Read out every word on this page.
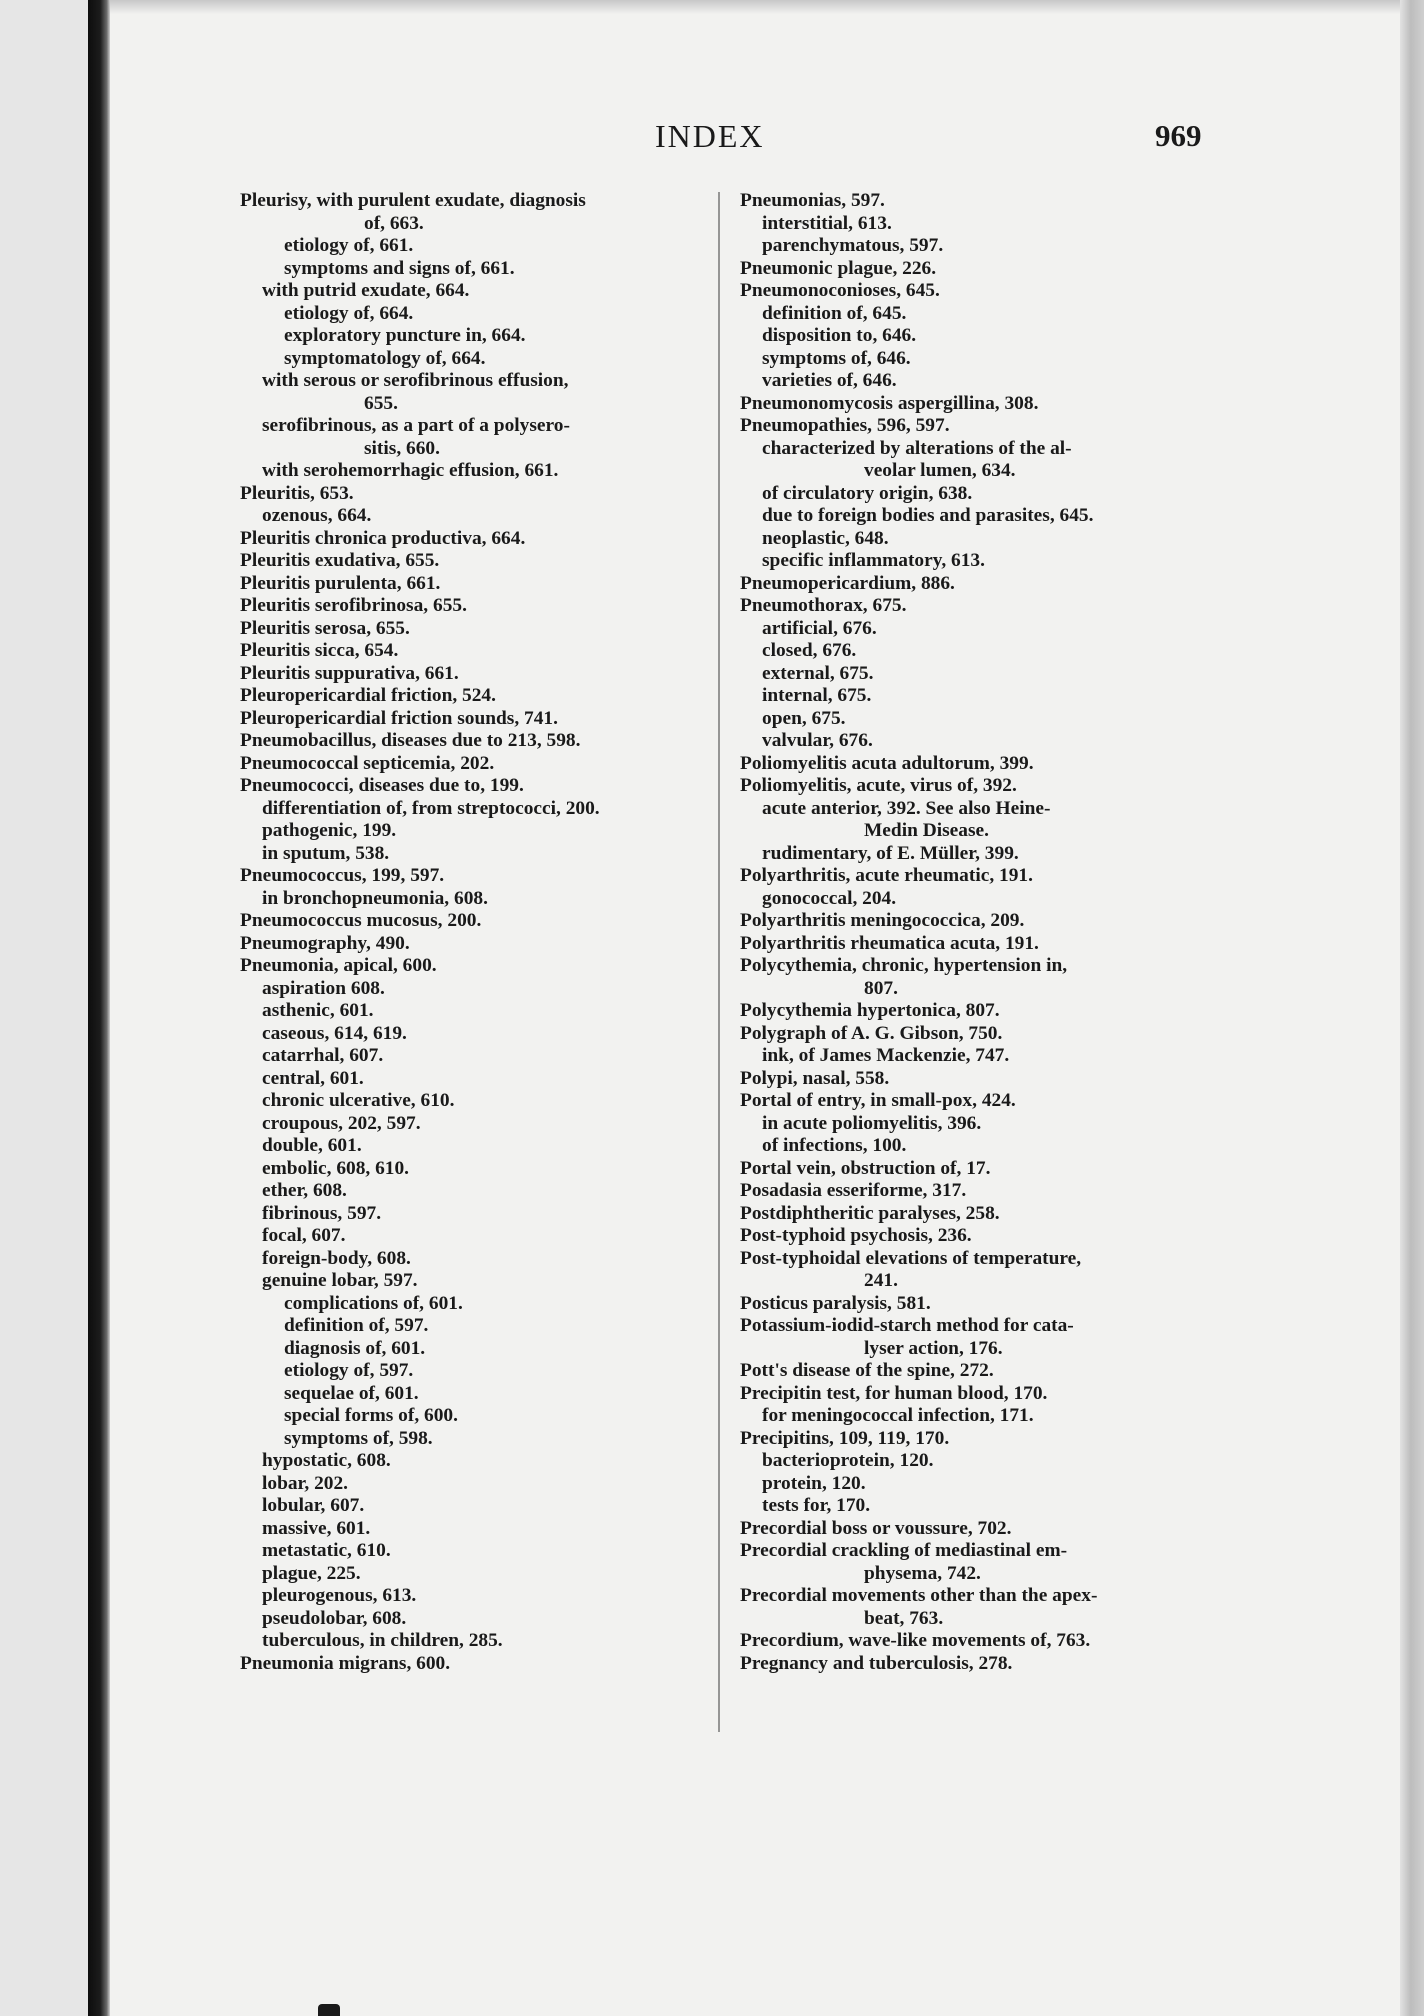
INDEX	969
Pleurisy, with purulent exudate, diagnosis
of, 663.
etiology of, 661.
symptoms and signs of, 661.
with putrid exudate, 664.
etiology of, 664.
exploratory puncture in, 664.
symptomatology of, 664.
with serous or serofibrinous effusion,
655.
serofibrinous, as a part of a polysero-
sitis, 660.
with serohemorrhagic effusion, 661.
Pleuritis, 653.
ozenous, 664.
Pleuritis chronica productiva, 664.
Pleuritis exudativa, 655.
Pleuritis purulenta, 661.
Pleuritis serofibrinosa, 655.
Pleuritis serosa, 655.
Pleuritis sicca, 654.
Pleuritis suppurativa, 661.
Pleuropericardial friction, 524.
Pleuropericardial friction sounds, 741.
Pneumobacillus, diseases due to 213, 598.
Pneumococcal septicemia, 202.
Pneumococci, diseases due to, 199.
differentiation of, from streptococci, 200.
pathogenic, 199.
in sputum, 538.
Pneumococcus, 199, 597.
in bronchopneumonia, 608.
Pneumococcus mucosus, 200.
Pneumography, 490.
Pneumonia, apical, 600.
aspiration 608.
asthenic, 601.
caseous, 614, 619.
catarrhal, 607.
central, 601.
chronic ulcerative, 610.
croupous, 202, 597.
double, 601.
embolic, 608, 610.
ether, 608.
fibrinous, 597.
focal, 607.
foreign-body, 608.
genuine lobar, 597.
complications of, 601.
definition of, 597.
diagnosis of, 601.
etiology of, 597.
sequelae of, 601.
special forms of, 600.
symptoms of, 598.
hypostatic, 608.
lobar, 202.
lobular, 607.
massive, 601.
metastatic, 610.
plague, 225.
pleurogenous, 613.
pseudolobar, 608.
tuberculous, in children, 285.
Pneumonia migrans, 600.
Pneumonias, 597.
interstitial, 613.
parenchymatous, 597.
Pneumonic plague, 226.
Pneumonoconioses, 645.
definition of, 645.
disposition to, 646.
symptoms of, 646.
varieties of, 646.
Pneumonomycosis aspergillina, 308.
Pneumopathies, 596, 597.
characterized by alterations of the al-
veolar lumen, 634.
of circulatory origin, 638.
due to foreign bodies and parasites, 645.
neoplastic, 648.
specific inflammatory, 613.
Pneumopericardium, 886.
Pneumothorax, 675.
artificial, 676.
closed, 676.
external, 675.
internal, 675.
open, 675.
valvular, 676.
Poliomyelitis acuta adultorum, 399.
Poliomyelitis, acute, virus of, 392.
acute anterior, 392. See also Heine-
Medin Disease.
rudimentary, of E. Müller, 399.
Polyarthritis, acute rheumatic, 191.
gonococcal, 204.
Polyarthritis meningococcica, 209.
Polyarthritis rheumatica acuta, 191.
Polycythemia, chronic, hypertension in,
807.
Polycythemia hypertonica, 807.
Polygraph of A. G. Gibson, 750.
ink, of James Mackenzie, 747.
Polypi, nasal, 558.
Portal of entry, in small-pox, 424.
in acute poliomyelitis, 396.
of infections, 100.
Portal vein, obstruction of, 17.
Posadasia esseriforme, 317.
Postdiphtheritic paralyses, 258.
Post-typhoid psychosis, 236.
Post-typhoidal elevations of temperature,
241.
Posticus paralysis, 581.
Potassium-iodid-starch method for cata-
lyser action, 176.
Pott's disease of the spine, 272.
Precipitin test, for human blood, 170.
for meningococcal infection, 171.
Precipitins, 109, 119, 170.
bacterioprotein, 120.
protein, 120.
tests for, 170.
Precordial boss or voussure, 702.
Precordial crackling of mediastinal em-
physema, 742.
Precordial movements other than the apex-
beat, 763.
Precordium, wave-like movements of, 763.
Pregnancy and tuberculosis, 278.
